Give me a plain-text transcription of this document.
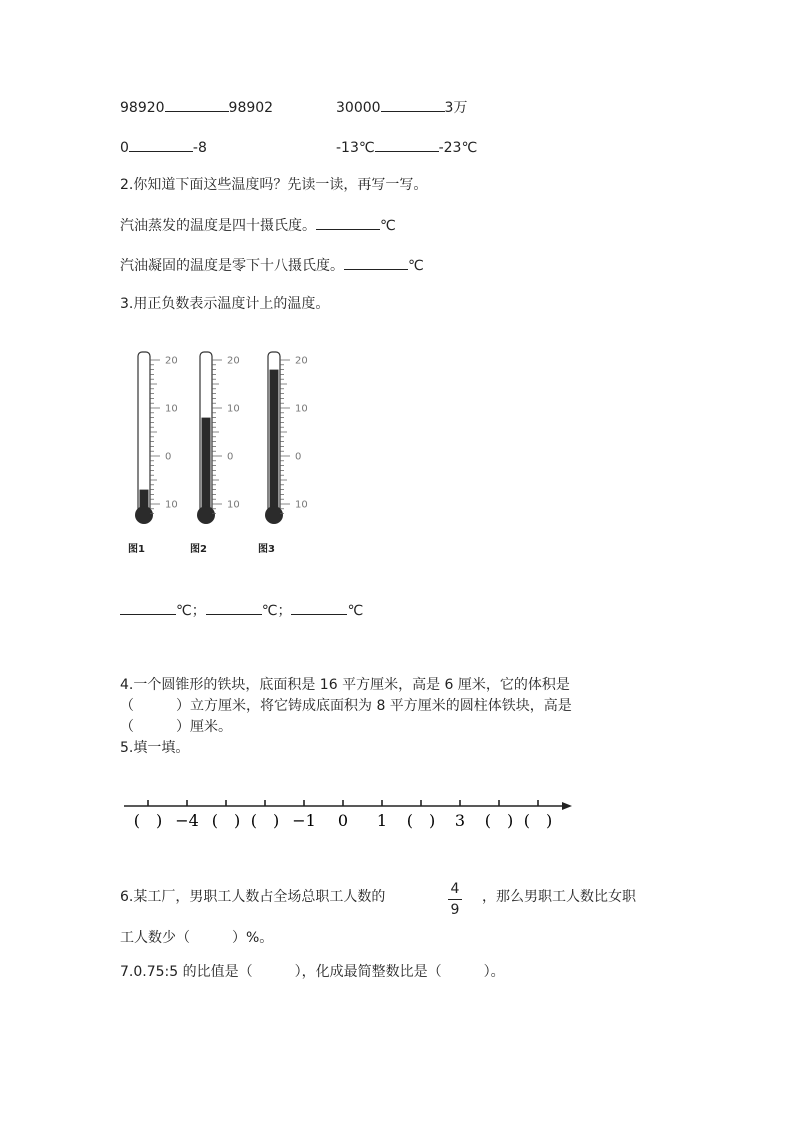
98920	98902	30000	3万
0	-8	-13℃	-23℃
2.你知道下面这些温度吗？先读一读，再写一写。
汽油蒸发的温度是四十摄氏度。	℃
汽油凝固的温度是零下十八摄氏度。	℃
3.用正负数表示温度计上的温度。
20
10
0
10
图1
20
10
0
10
图2
20
10
0
10
图3
℃；	℃；	℃
4.一个圆锥形的铁块，底面积是 16 平方厘米，高是 6 厘米，它的体积是
（　　　）立方厘米，将它铸成底面积为 8 平方厘米的圆柱体铁块，高是
（　　　）厘米。
5.填一填。
(　) −4 (　) (　) −1 0 1 (　) 3 (　) (　)
6.某工厂，男职工人数占全场总职工人数的	4
9
，那么男职工人数比女职
工人数少（　　　）%。
7.0.75:5 的比值是（　　　），化成最简整数比是（　　　）。
